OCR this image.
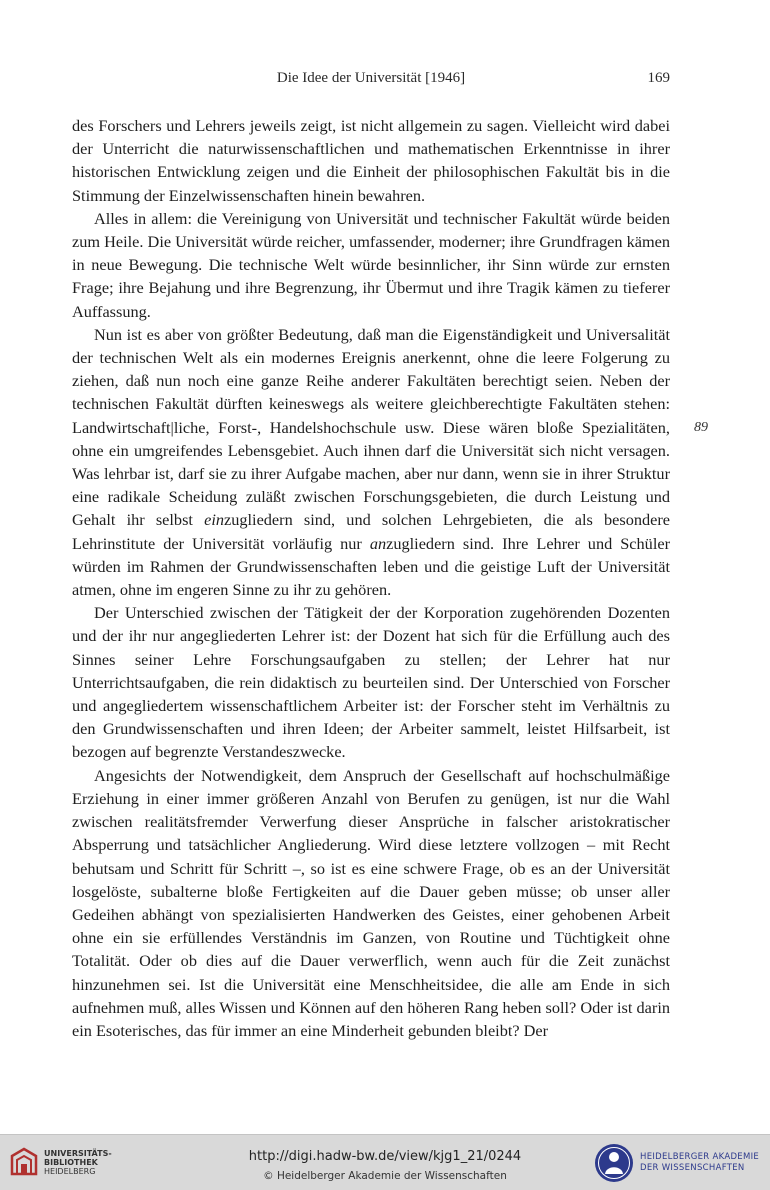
Die Idee der Universität [1946]	169

des Forschers und Lehrers jeweils zeigt, ist nicht allgemein zu sagen. Vielleicht wird dabei der Unterricht die naturwissenschaftlichen und mathematischen Erkenntnisse in ihrer historischen Entwicklung zeigen und die Einheit der philosophischen Fakultät bis in die Stimmung der Einzelwissenschaften hinein bewahren.

Alles in allem: die Vereinigung von Universität und technischer Fakultät würde beiden zum Heile. Die Universität würde reicher, umfassender, moderner; ihre Grundfragen kämen in neue Bewegung. Die technische Welt würde besinnlicher, ihr Sinn würde zur ernsten Frage; ihre Bejahung und ihre Begrenzung, ihr Übermut und ihre Tragik kämen zu tieferer Auffassung.

Nun ist es aber von größter Bedeutung, daß man die Eigenständigkeit und Universalität der technischen Welt als ein modernes Ereignis anerkennt, ohne die leere Folgerung zu ziehen, daß nun noch eine ganze Reihe anderer Fakultäten berechtigt seien. Neben der technischen Fakultät dürften keineswegs als weitere gleichberechtigte Fakultäten stehen: Landwirtschaft|liche, Forst-, Handelshochschule usw. Diese wären bloße Spezialitäten, ohne ein umgreifendes Lebensgebiet. Auch ihnen darf die Universität sich nicht versagen. Was lehrbar ist, darf sie zu ihrer Aufgabe machen, aber nur dann, wenn sie in ihrer Struktur eine radikale Scheidung zuläßt zwischen Forschungsgebieten, die durch Leistung und Gehalt ihr selbst einzugliedern sind, und solchen Lehrgebieten, die als besondere Lehrinstitute der Universität vorläufig nur anzugliedern sind. Ihre Lehrer und Schüler würden im Rahmen der Grundwissenschaften leben und die geistige Luft der Universität atmen, ohne im engeren Sinne zu ihr zu gehören.

Der Unterschied zwischen der Tätigkeit der der Korporation zugehörenden Dozenten und der ihr nur angegliederten Lehrer ist: der Dozent hat sich für die Erfüllung auch des Sinnes seiner Lehre Forschungsaufgaben zu stellen; der Lehrer hat nur Unterrichtsaufgaben, die rein didaktisch zu beurteilen sind. Der Unterschied von Forscher und angegliedertem wissenschaftlichem Arbeiter ist: der Forscher steht im Verhältnis zu den Grundwissenschaften und ihren Ideen; der Arbeiter sammelt, leistet Hilfsarbeit, ist bezogen auf begrenzte Verstandeszwecke.

Angesichts der Notwendigkeit, dem Anspruch der Gesellschaft auf hochschulmäßige Erziehung in einer immer größeren Anzahl von Berufen zu genügen, ist nur die Wahl zwischen realitätsfremder Verwerfung dieser Ansprüche in falscher aristokratischer Absperrung und tatsächlicher Angliederung. Wird diese letztere vollzogen – mit Recht behutsam und Schritt für Schritt –, so ist es eine schwere Frage, ob es an der Universität losgelöste, subalterne bloße Fertigkeiten auf die Dauer geben müsse; ob unser aller Gedeihen abhängt von spezialisierten Handwerken des Geistes, einer gehobenen Arbeit ohne ein sie erfüllendes Verständnis im Ganzen, von Routine und Tüchtigkeit ohne Totalität. Oder ob dies auf die Dauer verwerflich, wenn auch für die Zeit zunächst hinzunehmen sei. Ist die Universität eine Menschheitsidee, die alle am Ende in sich aufnehmen muß, alles Wissen und Können auf den höheren Rang heben soll? Oder ist darin ein Esoterisches, das für immer an eine Minderheit gebunden bleibt? Der

89
UNIVERSITÄTS-
BIBLIOTHEK
HEIDELBERG
http://digi.hadw-bw.de/view/kjg1_21/0244
© Heidelberger Akademie der Wissenschaften
HEIDELBERGER AKADEMIE
DER WISSENSCHAFTEN
